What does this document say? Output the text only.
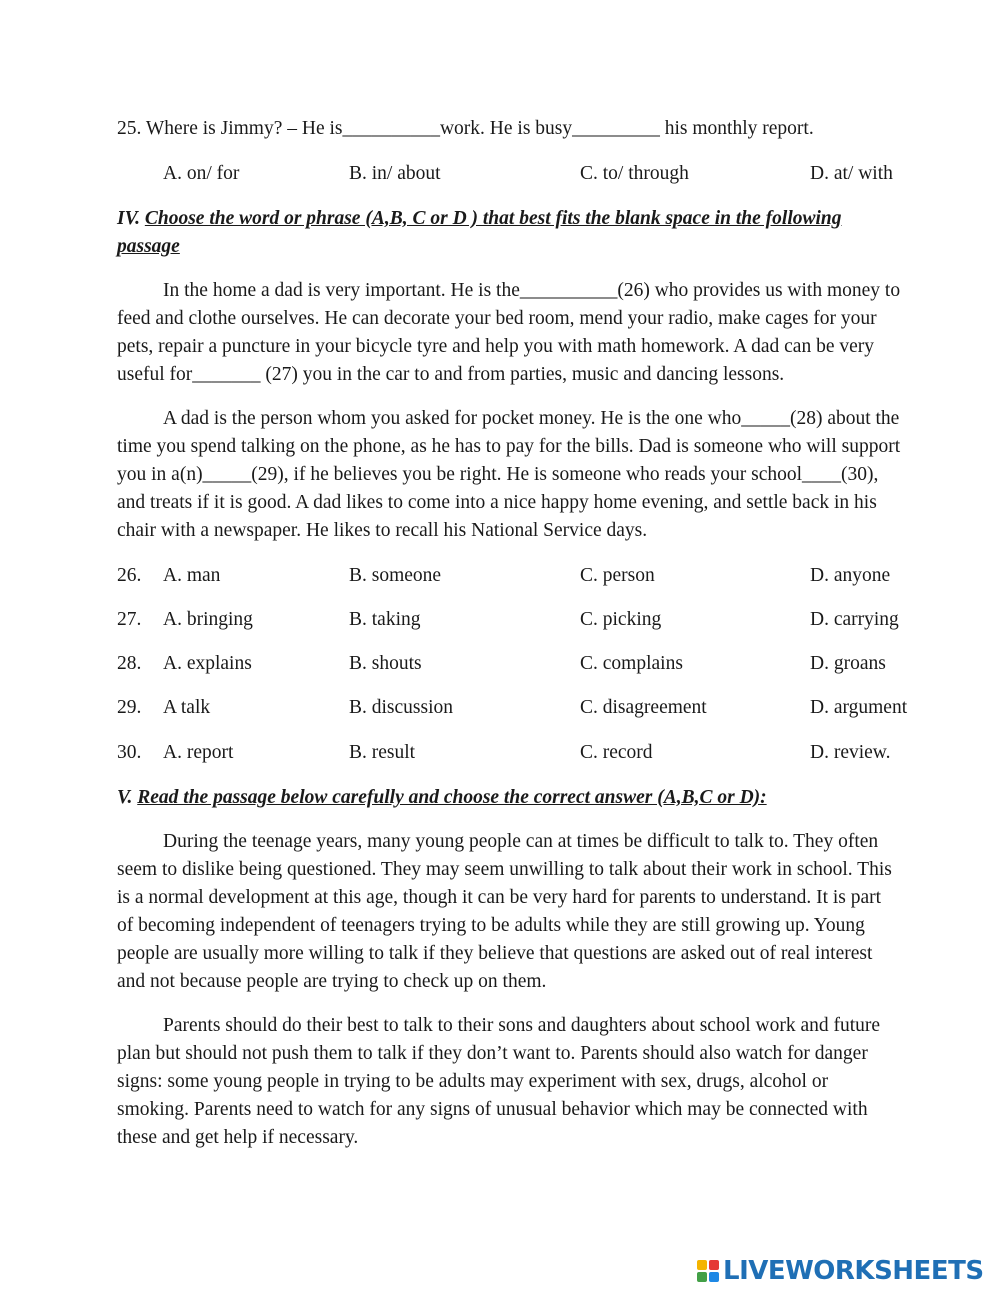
25. Where is Jimmy? – He is__________work. He is busy_________ his monthly report.
A. on/ for	B. in/ about	C. to/ through	D. at/ with
IV. Choose the word or phrase (A,B, C or D ) that best fits the blank space in the following
passage
In the home a dad is very important. He is the__________(26) who provides us with money to
feed and clothe ourselves. He can decorate your bed room, mend your radio, make cages for your
pets, repair a puncture in your bicycle tyre and help you with math homework. A dad can be very
useful for_______ (27) you in the car to and from parties, music and dancing lessons.
A dad is the person whom you asked for pocket money. He is the one who_____(28) about the
time you spend talking on the phone, as he has to pay for the bills. Dad is someone who will support
you in a(n)_____(29), if he believes you be right. He is someone who reads your school____(30),
and treats if it is good. A dad likes to come into a nice happy home evening, and settle back in his
chair with a newspaper. He likes to recall his National Service days.
26. A. man	B. someone	C. person	D. anyone
27. A. bringing	B. taking	C. picking	D. carrying
28. A. explains	B. shouts	C. complains	D. groans
29. A talk	B. discussion	C. disagreement	D. argument
30. A. report	B. result	C. record	D. review.
V. Read the passage below carefully and choose the correct answer (A,B,C or D):
During the teenage years, many young people can at times be difficult to talk to. They often
seem to dislike being questioned. They may seem unwilling to talk about their work in school. This
is a normal development at this age, though it can be very hard for parents to understand. It is part
of becoming independent of teenagers trying to be adults while they are still growing up. Young
people are usually more willing to talk if they believe that questions are asked out of real interest
and not because people are trying to check up on them.
Parents should do their best to talk to their sons and daughters about school work and future
plan but should not push them to talk if they don’t want to. Parents should also watch for danger
signs: some young people in trying to be adults may experiment with sex, drugs, alcohol or
smoking. Parents need to watch for any signs of unusual behavior which may be connected with
these and get help if necessary.
LIVEWORKSHEETS
